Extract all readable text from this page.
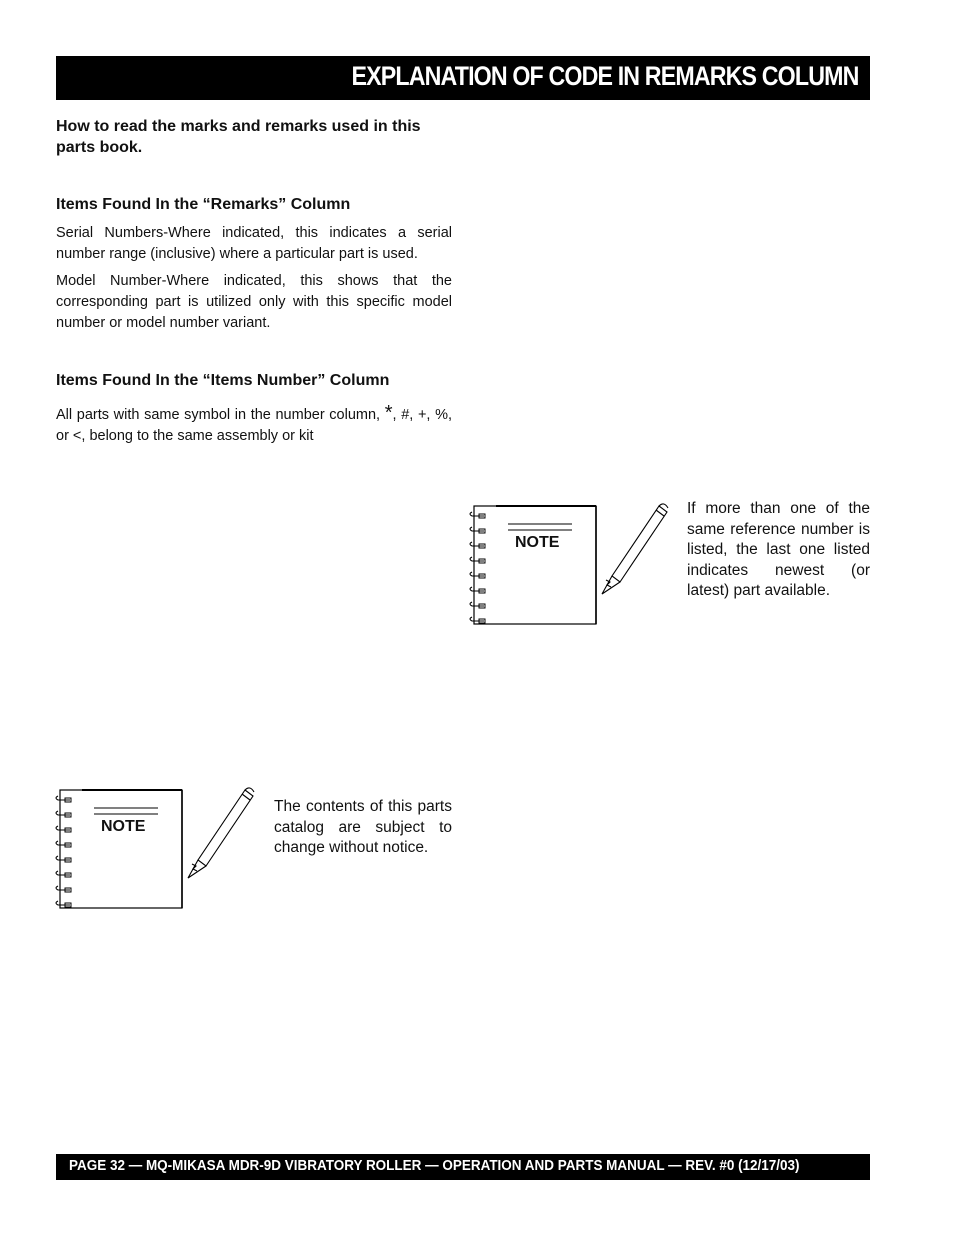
EXPLANATION OF CODE IN REMARKS COLUMN
How to read the marks and remarks used in this parts book.
Items Found In the “Remarks” Column
Serial Numbers-Where indicated, this indicates a serial number range (inclusive) where a particular part is used.
Model Number-Where indicated, this shows that the corresponding part is utilized only with this specific model number or model number variant.
Items Found In the “Items Number” Column
All parts with same symbol in the number column, *, #, +, %, or <, belong to the same assembly or kit
NOTE
If more than one of the same reference number is listed, the last one listed indicates newest (or latest) part available.
NOTE
The contents of this parts catalog are subject to change without notice.
PAGE 32 — MQ-MIKASA MDR-9D VIBRATORY ROLLER — OPERATION AND PARTS MANUAL — REV. #0 (12/17/03)
